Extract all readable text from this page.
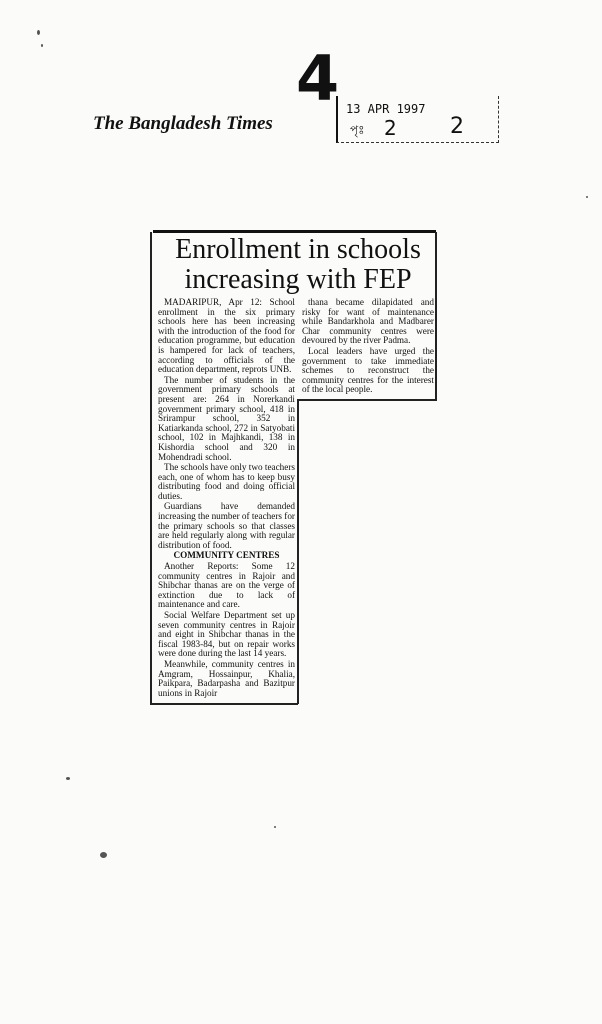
4
The Bangladesh Times
13 APR 1997
পৃঃ 2 2
Enrollment in schools
increasing with FEP

MADARIPUR, Apr 12: School enrollment in the six primary schools here has been increasing with the introduction of the food for education programme, but education is hampered for lack of teachers, according to officials of the education department, reprots UNB.

The number of students in the government primary schools at present are: 264 in Norerkandi government primary school, 418 in Srirampur school, 352 in Katiarkanda school, 272 in Satyobati school, 102 in Majhkandi, 138 in Kishordia school and 320 in Mohendradi school.

The schools have only two teachers each, one of whom has to keep busy distributing food and doing official duties.

Guardians have demanded increasing the number of teachers for the primary schools so that classes are held regularly along with regular distribution of food.

COMMUNITY CENTRES

Another Reports: Some 12 community centres in Rajoir and Shibchar thanas are on the verge of extinction due to lack of maintenance and care.

Social Welfare Department set up seven community centres in Rajoir and eight in Shibchar thanas in the fiscal 1983-84, but on repair works were done during the last 14 years.

Meanwhile, community centres in Amgram, Hossainpur, Khalia, Paikpara, Badarpasha and Bazitpur unions in Rajoir

thana became dilapidated and risky for want of maintenance while Bandarkhola and Madbarer Char community centres were devoured by the river Padma.

Local leaders have urged the government to take immediate schemes to reconstruct the community centres for the interest of the local people.
